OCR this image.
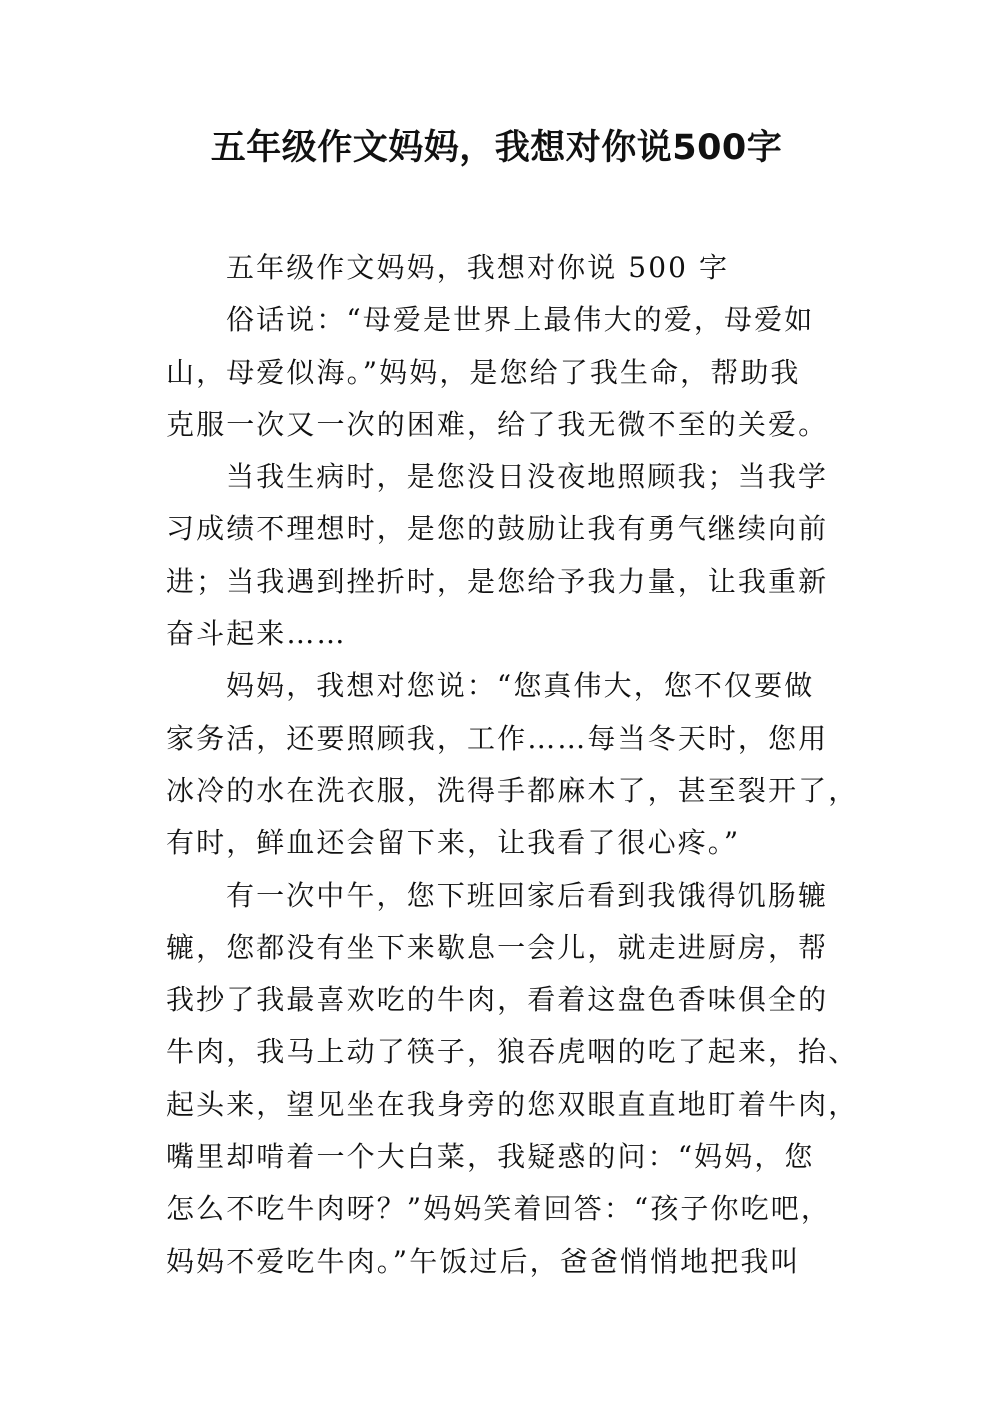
五年级作文妈妈，我想对你说500字

五年级作文妈妈，我想对你说 500 字

俗话说：“母爱是世界上最伟大的爱，母爱如
山，母爱似海。”妈妈，是您给了我生命，帮助我
克服一次又一次的困难，给了我无微不至的关爱。

当我生病时，是您没日没夜地照顾我；当我学
习成绩不理想时，是您的鼓励让我有勇气继续向前
进；当我遇到挫折时，是您给予我力量，让我重新
奋斗起来……

妈妈，我想对您说：“您真伟大，您不仅要做
家务活，还要照顾我，工作……每当冬天时，您用
冰冷的水在洗衣服，洗得手都麻木了，甚至裂开了，
有时，鲜血还会留下来，让我看了很心疼。”

有一次中午，您下班回家后看到我饿得饥肠辘
辘，您都没有坐下来歇息一会儿，就走进厨房，帮
我抄了我最喜欢吃的牛肉，看着这盘色香味俱全的
牛肉，我马上动了筷子，狼吞虎咽的吃了起来，抬、
起头来，望见坐在我身旁的您双眼直直地盯着牛肉，
嘴里却啃着一个大白菜，我疑惑的问：“妈妈，您
怎么不吃牛肉呀？”妈妈笑着回答：“孩子你吃吧，
妈妈不爱吃牛肉。”午饭过后，爸爸悄悄地把我叫
